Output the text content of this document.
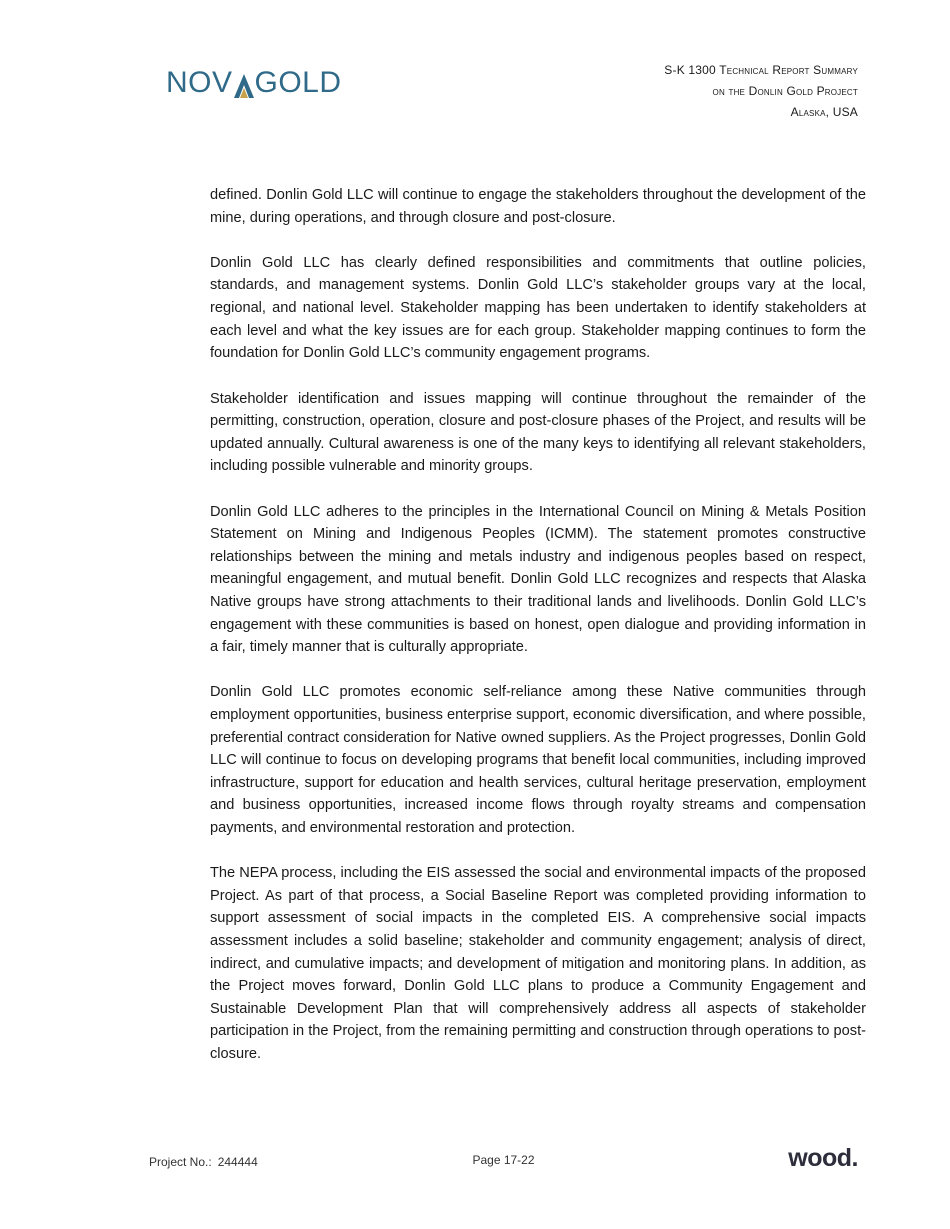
NOV GOLD	S-K 1300 Technical Report Summary
on the Donlin Gold Project
Alaska, USA

defined. Donlin Gold LLC will continue to engage the stakeholders throughout the development of the mine, during operations, and through closure and post-closure.

Donlin Gold LLC has clearly defined responsibilities and commitments that outline policies, standards, and management systems. Donlin Gold LLC’s stakeholder groups vary at the local, regional, and national level. Stakeholder mapping has been undertaken to identify stakeholders at each level and what the key issues are for each group. Stakeholder mapping continues to form the foundation for Donlin Gold LLC’s community engagement programs.

Stakeholder identification and issues mapping will continue throughout the remainder of the permitting, construction, operation, closure and post-closure phases of the Project, and results will be updated annually. Cultural awareness is one of the many keys to identifying all relevant stakeholders, including possible vulnerable and minority groups.

Donlin Gold LLC adheres to the principles in the International Council on Mining & Metals Position Statement on Mining and Indigenous Peoples (ICMM). The statement promotes constructive relationships between the mining and metals industry and indigenous peoples based on respect, meaningful engagement, and mutual benefit. Donlin Gold LLC recognizes and respects that Alaska Native groups have strong attachments to their traditional lands and livelihoods. Donlin Gold LLC’s engagement with these communities is based on honest, open dialogue and providing information in a fair, timely manner that is culturally appropriate.

Donlin Gold LLC promotes economic self-reliance among these Native communities through employment opportunities, business enterprise support, economic diversification, and where possible, preferential contract consideration for Native owned suppliers. As the Project progresses, Donlin Gold LLC will continue to focus on developing programs that benefit local communities, including improved infrastructure, support for education and health services, cultural heritage preservation, employment and business opportunities, increased income flows through royalty streams and compensation payments, and environmental restoration and protection.

The NEPA process, including the EIS assessed the social and environmental impacts of the proposed Project. As part of that process, a Social Baseline Report was completed providing information to support assessment of social impacts in the completed EIS. A comprehensive social impacts assessment includes a solid baseline; stakeholder and community engagement; analysis of direct, indirect, and cumulative impacts; and development of mitigation and monitoring plans. In addition, as the Project moves forward, Donlin Gold LLC plans to produce a Community Engagement and Sustainable Development Plan that will comprehensively address all aspects of stakeholder participation in the Project, from the remaining permitting and construction through operations to post-closure.

Project No.: 244444	Page 17-22	wood.
